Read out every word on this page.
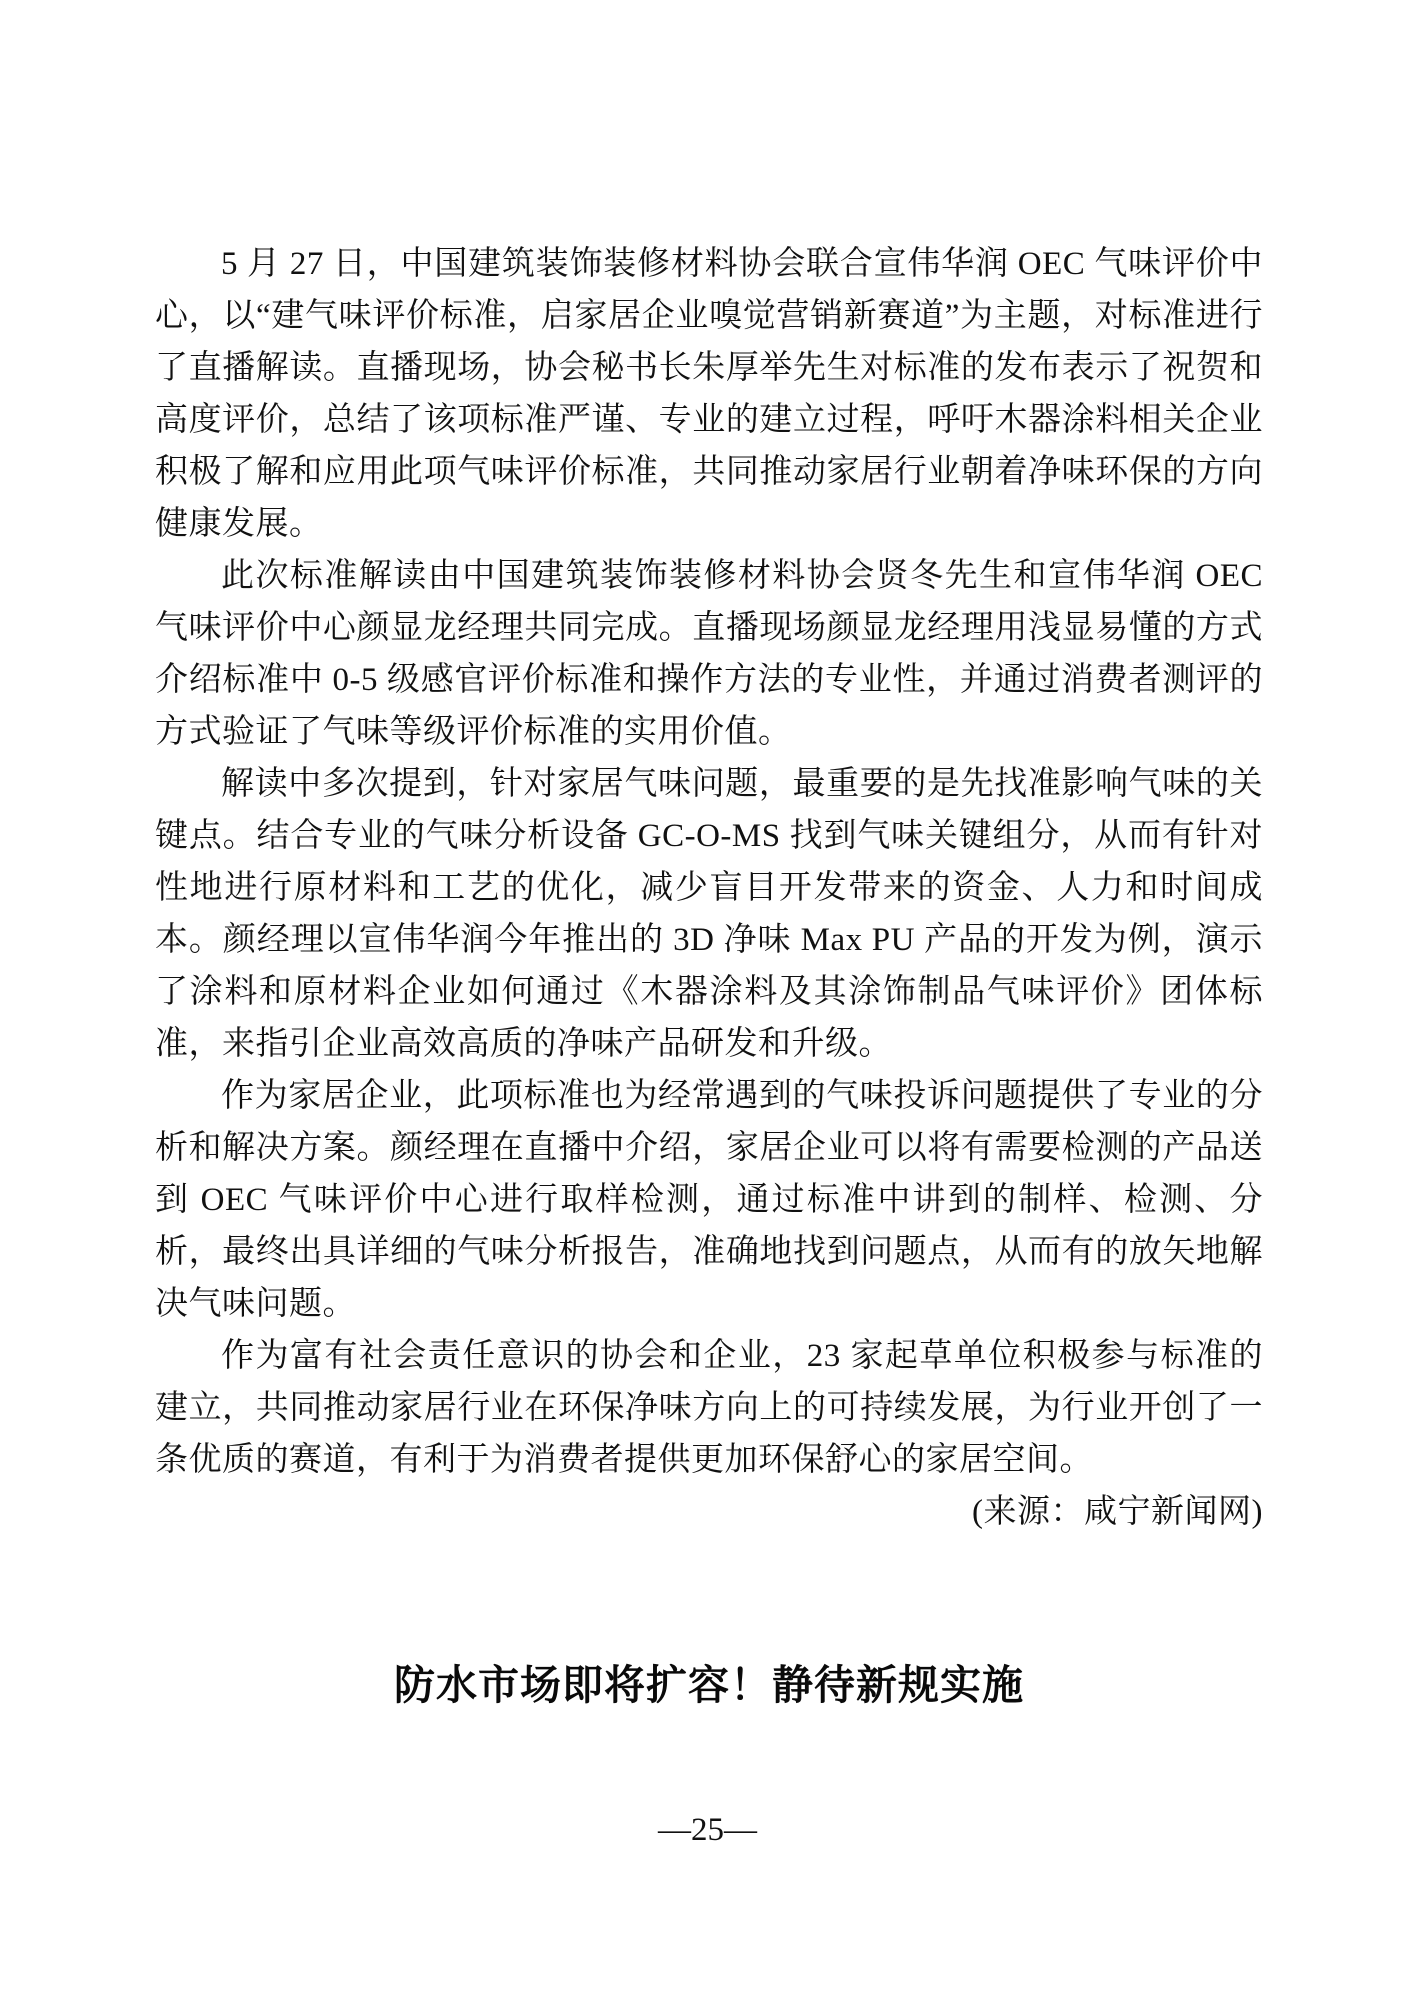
5 月 27 日，中国建筑装饰装修材料协会联合宣伟华润 OEC 气味评价中心，以“建气味评价标准，启家居企业嗅觉营销新赛道”为主题，对标准进行了直播解读。直播现场，协会秘书长朱厚举先生对标准的发布表示了祝贺和高度评价，总结了该项标准严谨、专业的建立过程，呼吁木器涂料相关企业积极了解和应用此项气味评价标准，共同推动家居行业朝着净味环保的方向健康发展。

此次标准解读由中国建筑装饰装修材料协会贤冬先生和宣伟华润 OEC 气味评价中心颜显龙经理共同完成。直播现场颜显龙经理用浅显易懂的方式介绍标准中 0-5 级感官评价标准和操作方法的专业性，并通过消费者测评的方式验证了气味等级评价标准的实用价值。

解读中多次提到，针对家居气味问题，最重要的是先找准影响气味的关键点。结合专业的气味分析设备 GC-O-MS 找到气味关键组分，从而有针对性地进行原材料和工艺的优化，减少盲目开发带来的资金、人力和时间成本。颜经理以宣伟华润今年推出的 3D 净味 Max PU 产品的开发为例，演示了涂料和原材料企业如何通过《木器涂料及其涂饰制品气味评价》团体标准，来指引企业高效高质的净味产品研发和升级。

作为家居企业，此项标准也为经常遇到的气味投诉问题提供了专业的分析和解决方案。颜经理在直播中介绍，家居企业可以将有需要检测的产品送到 OEC 气味评价中心进行取样检测，通过标准中讲到的制样、检测、分析，最终出具详细的气味分析报告，准确地找到问题点，从而有的放矢地解决气味问题。

作为富有社会责任意识的协会和企业，23 家起草单位积极参与标准的建立，共同推动家居行业在环保净味方向上的可持续发展，为行业开创了一条优质的赛道，有利于为消费者提供更加环保舒心的家居空间。
(来源：咸宁新闻网)

防水市场即将扩容！静待新规实施
—25—
